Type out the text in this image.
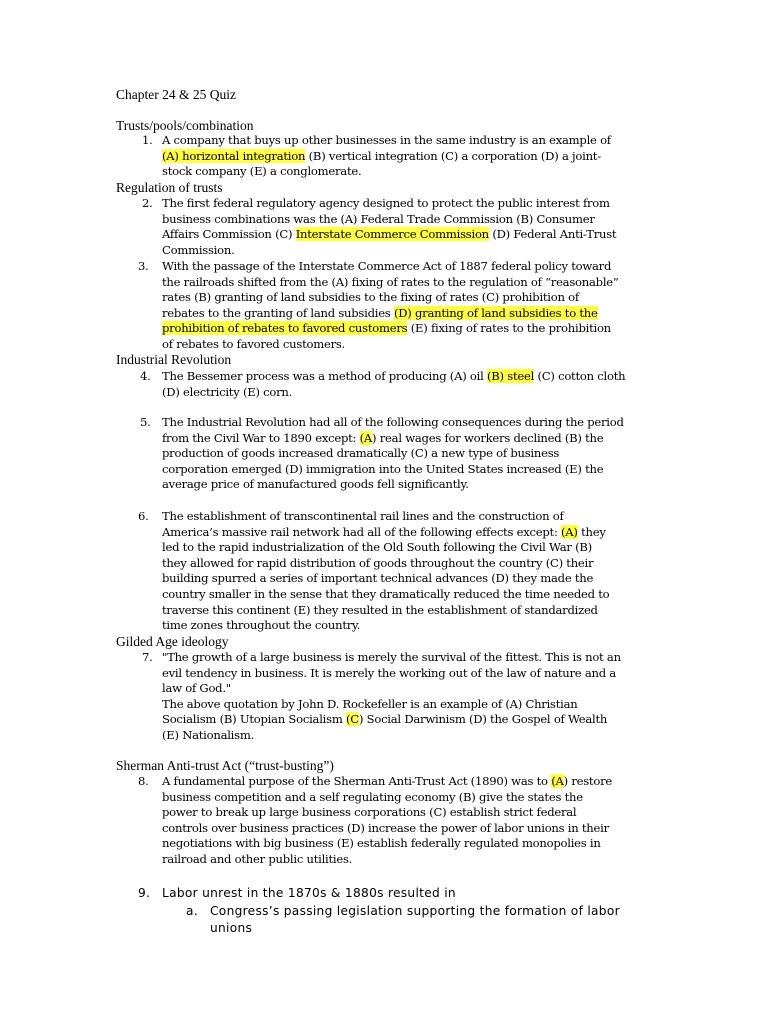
Chapter 24 & 25 Quiz
Trusts/pools/combination
1. A company that buys up other businesses in the same industry is an example of
(A) horizontal integration (B) vertical integration (C) a corporation (D) a joint-
stock company (E) a conglomerate.
Regulation of trusts
2. The first federal regulatory agency designed to protect the public interest from
business combinations was the (A) Federal Trade Commission (B) Consumer
Affairs Commission (C) Interstate Commerce Commission (D) Federal Anti-Trust
Commission.
3. With the passage of the Interstate Commerce Act of 1887 federal policy toward
the railroads shifted from the (A) fixing of rates to the regulation of “reasonable”
rates (B) granting of land subsidies to the fixing of rates (C) prohibition of
rebates to the granting of land subsidies (D) granting of land subsidies to the
prohibition of rebates to favored customers (E) fixing of rates to the prohibition
of rebates to favored customers.
Industrial Revolution
4. The Bessemer process was a method of producing (A) oil (B) steel (C) cotton cloth
(D) electricity (E) corn.
5. The Industrial Revolution had all of the following consequences during the period
from the Civil War to 1890 except: (A) real wages for workers declined (B) the
production of goods increased dramatically (C) a new type of business
corporation emerged (D) immigration into the United States increased (E) the
average price of manufactured goods fell significantly.
6. The establishment of transcontinental rail lines and the construction of
America’s massive rail network had all of the following effects except: (A) they
led to the rapid industrialization of the Old South following the Civil War (B)
they allowed for rapid distribution of goods throughout the country (C) their
building spurred a series of important technical advances (D) they made the
country smaller in the sense that they dramatically reduced the time needed to
traverse this continent (E) they resulted in the establishment of standardized
time zones throughout the country.
Gilded Age ideology
7. "The growth of a large business is merely the survival of the fittest. This is not an
evil tendency in business. It is merely the working out of the law of nature and a
law of God."
The above quotation by John D. Rockefeller is an example of (A) Christian
Socialism (B) Utopian Socialism (C) Social Darwinism (D) the Gospel of Wealth
(E) Nationalism.
Sherman Anti-trust Act (“trust-busting”)
8. A fundamental purpose of the Sherman Anti-Trust Act (1890) was to (A) restore
business competition and a self regulating economy (B) give the states the
power to break up large business corporations (C) establish strict federal
controls over business practices (D) increase the power of labor unions in their
negotiations with big business (E) establish federally regulated monopolies in
railroad and other public utilities.
9. Labor unrest in the 1870s & 1880s resulted in
a. Congress’s passing legislation supporting the formation of labor
unions
